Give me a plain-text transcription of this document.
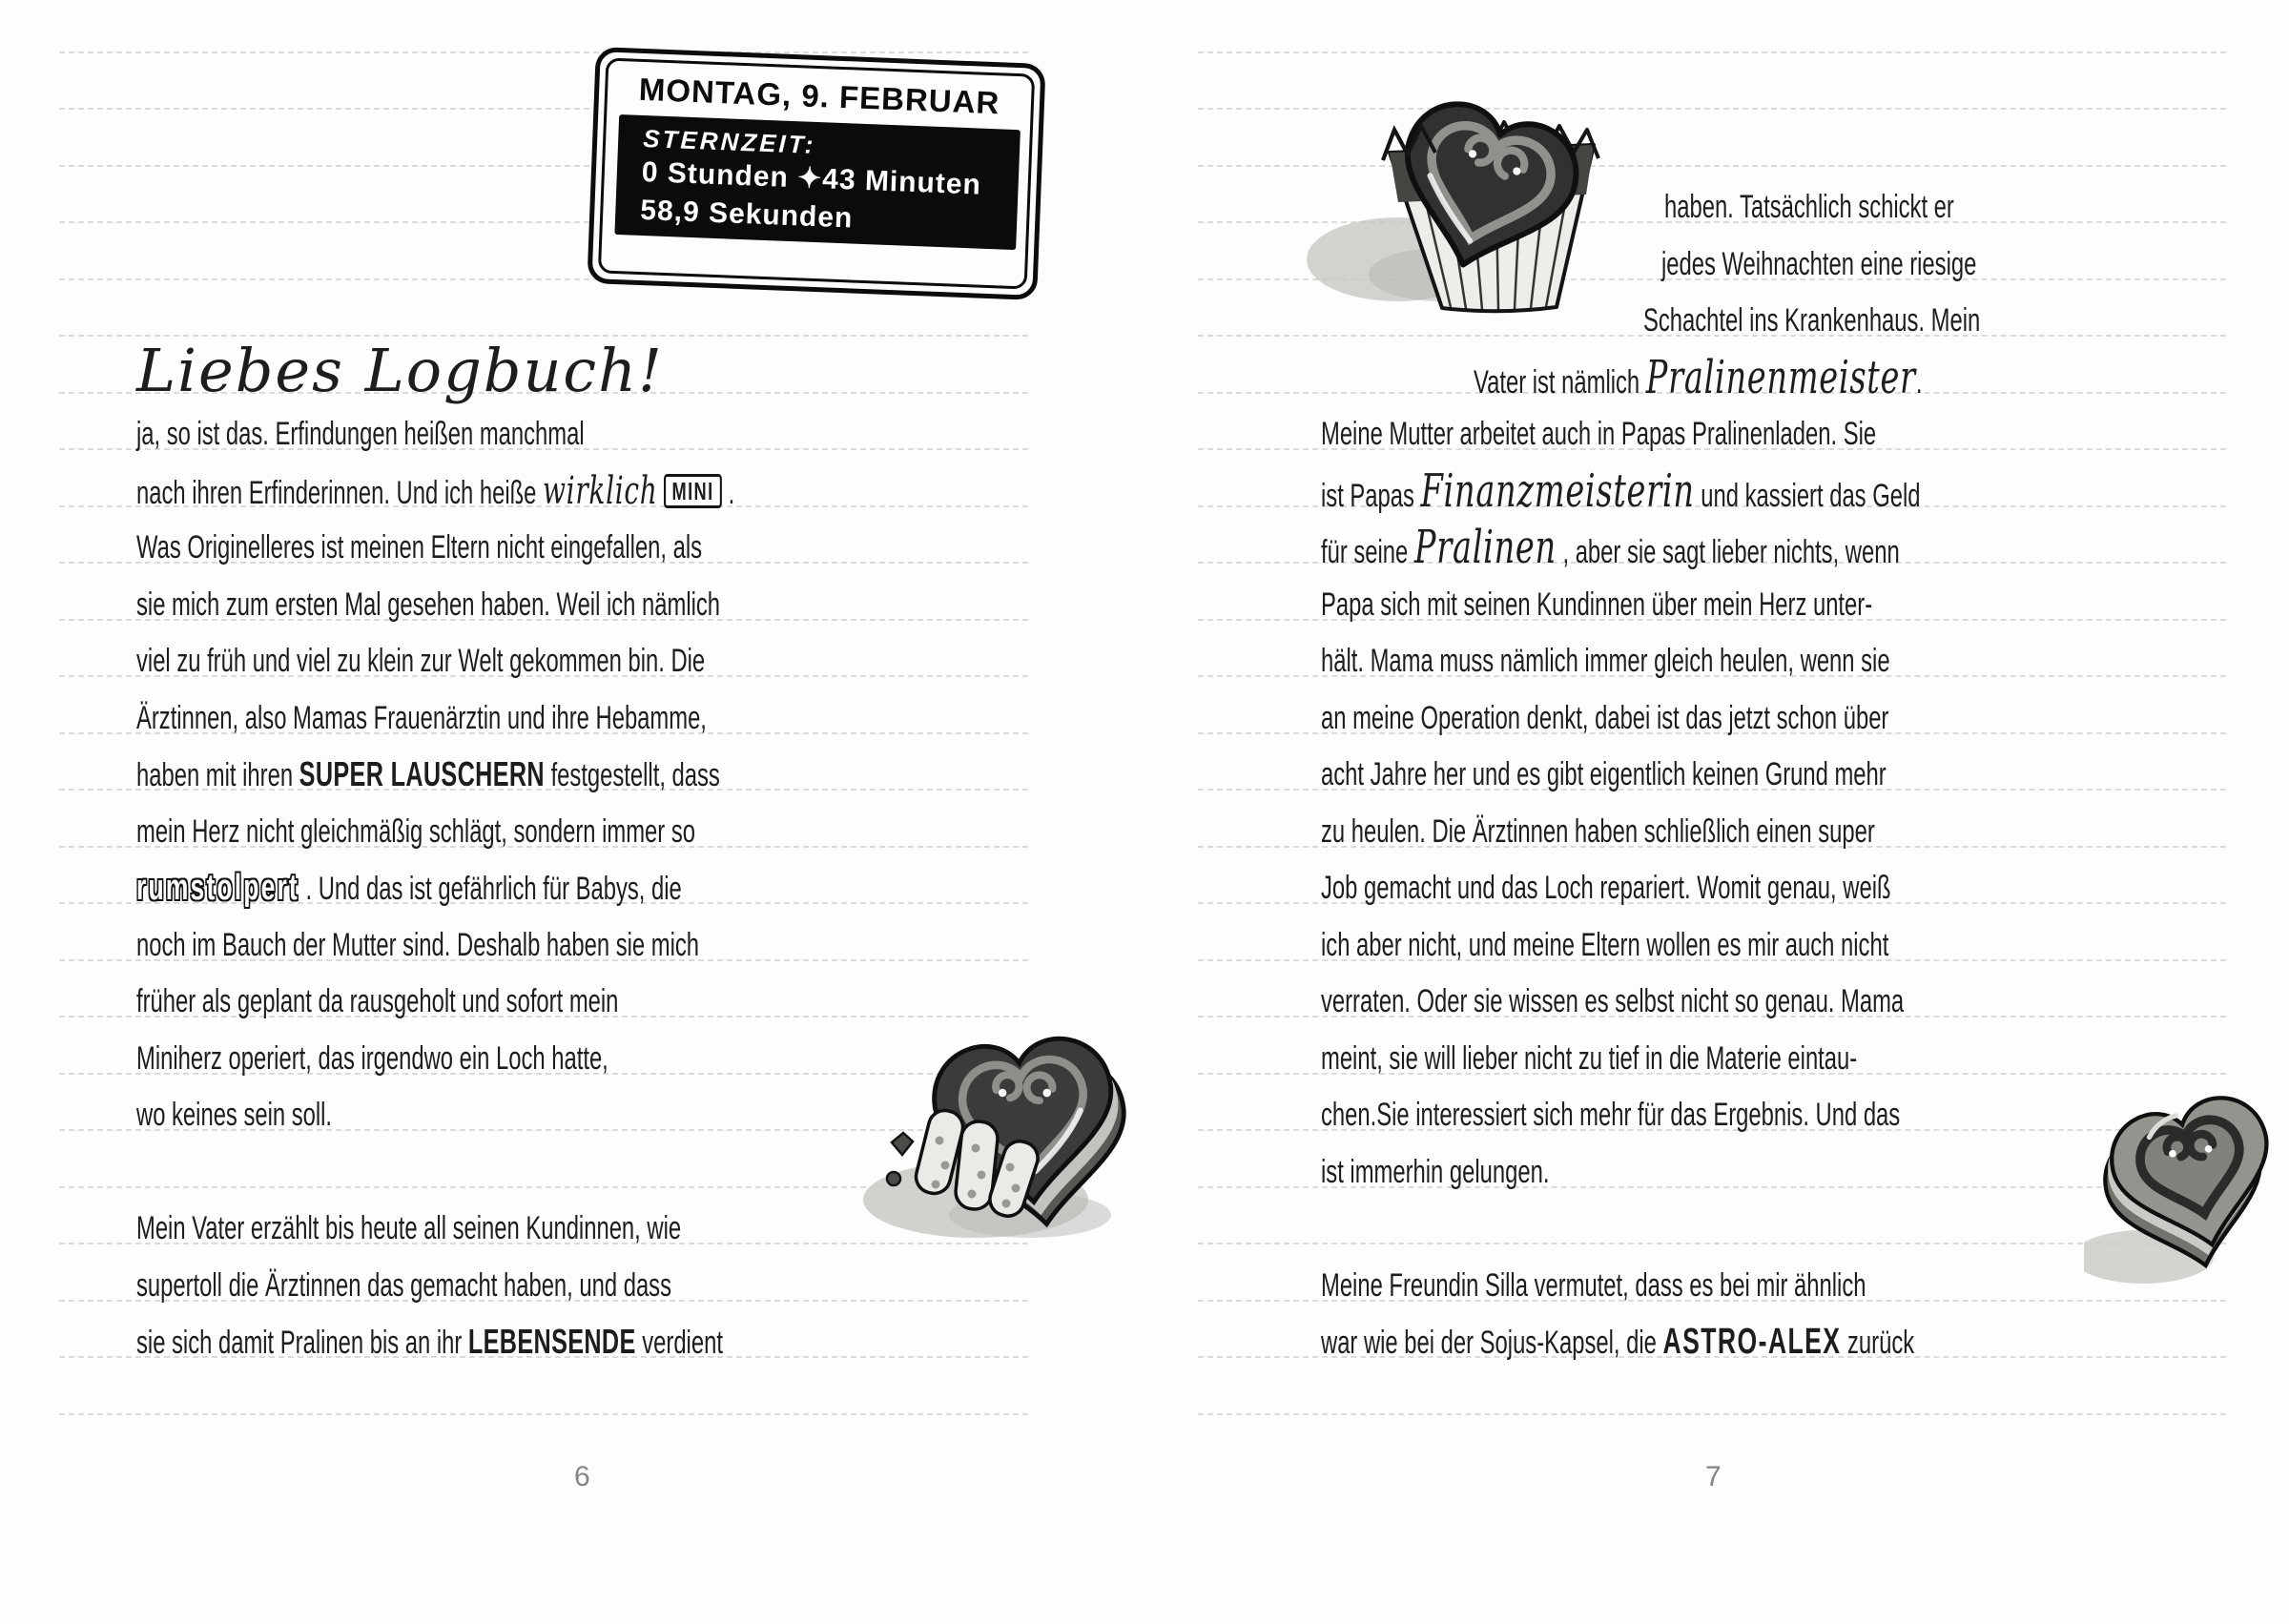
MONTAG, 9. FEBRUAR
STERNZEIT:
0 Stunden ✦43 Minuten
58,9 Sekunden
6
Liebes Logbuch!
ja, so ist das. Erfindungen heißen manchmal
nach ihren Erfinderinnen. Und ich heiße wirklich MINI .
Was Originelleres ist meinen Eltern nicht eingefallen, als
sie mich zum ersten Mal gesehen haben. Weil ich nämlich
viel zu früh und viel zu klein zur Welt gekommen bin. Die
Ärztinnen, also Mamas Frauenärztin und ihre Hebamme,
haben mit ihren SUPER LAUSCHERN festgestellt, dass
mein Herz nicht gleichmäßig schlägt, sondern immer so
rumstolpert . Und das ist gefährlich für Babys, die
noch im Bauch der Mutter sind. Deshalb haben sie mich
früher als geplant da rausgeholt und sofort mein
Miniherz operiert, das irgendwo ein Loch hatte,
wo keines sein soll.
Mein Vater erzählt bis heute all seinen Kundinnen, wie
supertoll die Ärztinnen das gemacht haben, und dass
sie sich damit Pralinen bis an ihr LEBENSENDE verdient
7
haben. Tatsächlich schickt er
jedes Weihnachten eine riesige
Schachtel ins Krankenhaus. Mein
Vater ist nämlich Pralinenmeister.
Meine Mutter arbeitet auch in Papas Pralinenladen. Sie
ist Papas Finanzmeisterin und kassiert das Geld
für seine Pralinen , aber sie sagt lieber nichts, wenn
Papa sich mit seinen Kundinnen über mein Herz unter-
hält. Mama muss nämlich immer gleich heulen, wenn sie
an meine Operation denkt, dabei ist das jetzt schon über
acht Jahre her und es gibt eigentlich keinen Grund mehr
zu heulen. Die Ärztinnen haben schließlich einen super
Job gemacht und das Loch repariert. Womit genau, weiß
ich aber nicht, und meine Eltern wollen es mir auch nicht
verraten. Oder sie wissen es selbst nicht so genau. Mama
meint, sie will lieber nicht zu tief in die Materie eintau-
chen.Sie interessiert sich mehr für das Ergebnis. Und das
ist immerhin gelungen.
Meine Freundin Silla vermutet, dass es bei mir ähnlich
war wie bei der Sojus-Kapsel, die ASTRO-ALEX zurück
